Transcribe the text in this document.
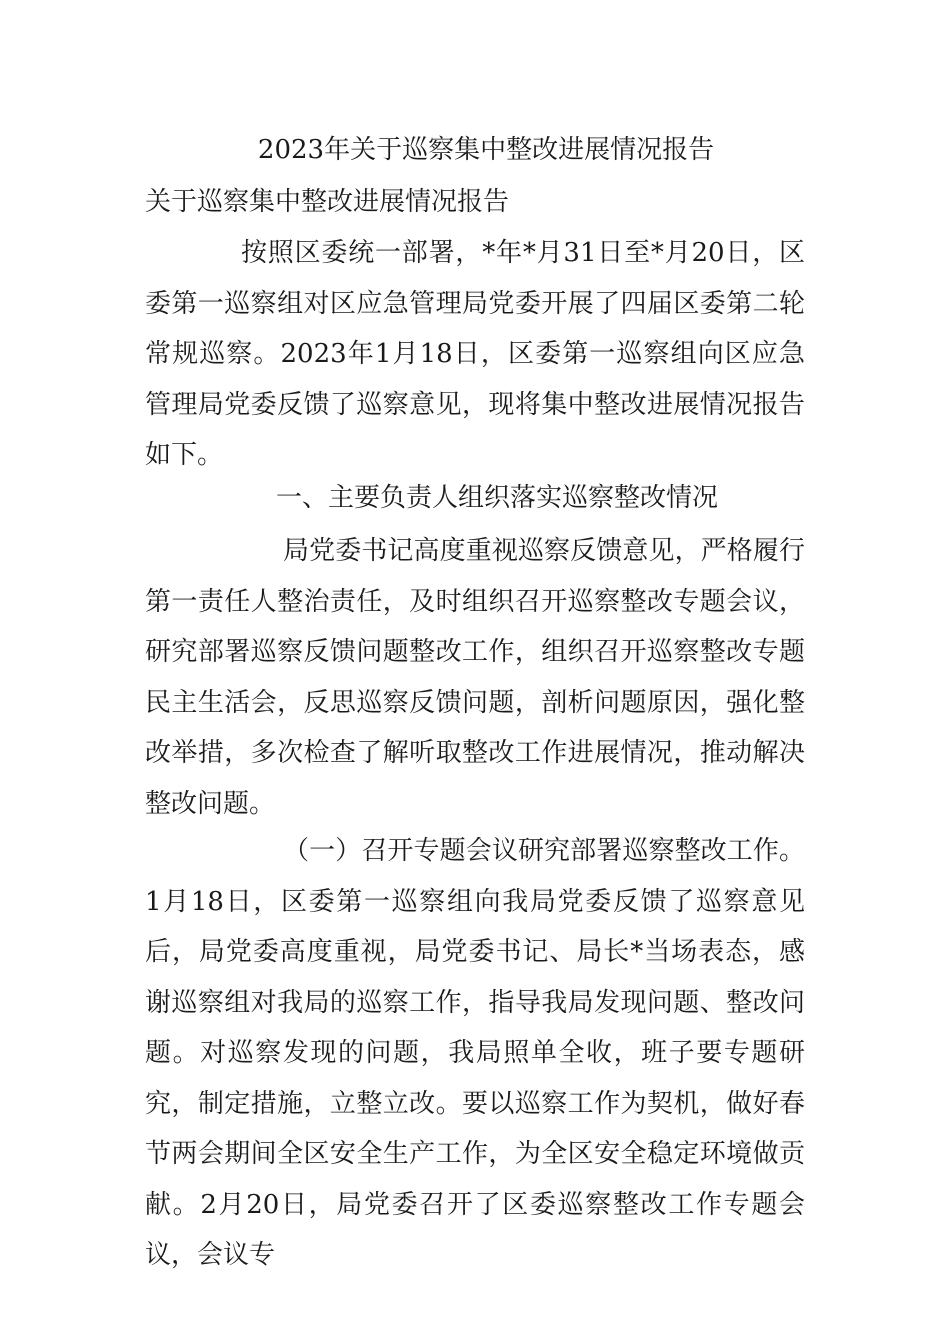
2023年关于巡察集中整改进展情况报告

关于巡察集中整改进展情况报告

按照区委统一部署，*年*月31日至*月20日，区委第一巡察组对区应急管理局党委开展了四届区委第二轮常规巡察。2023年1月18日，区委第一巡察组向区应急管理局党委反馈了巡察意见，现将集中整改进展情况报告如下。

一、主要负责人组织落实巡察整改情况

局党委书记高度重视巡察反馈意见，严格履行第一责任人整治责任，及时组织召开巡察整改专题会议，研究部署巡察反馈问题整改工作，组织召开巡察整改专题民主生活会，反思巡察反馈问题，剖析问题原因，强化整改举措，多次检查了解听取整改工作进展情况，推动解决整改问题。

（一）召开专题会议研究部署巡察整改工作。1月18日，区委第一巡察组向我局党委反馈了巡察意见后，局党委高度重视，局党委书记、局长*当场表态，感谢巡察组对我局的巡察工作，指导我局发现问题、整改问题。对巡察发现的问题，我局照单全收，班子要专题研究，制定措施，立整立改。要以巡察工作为契机，做好春节两会期间全区安全生产工作，为全区安全稳定环境做贡献。2月20日，局党委召开了区委巡察整改工作专题会议，会议专
